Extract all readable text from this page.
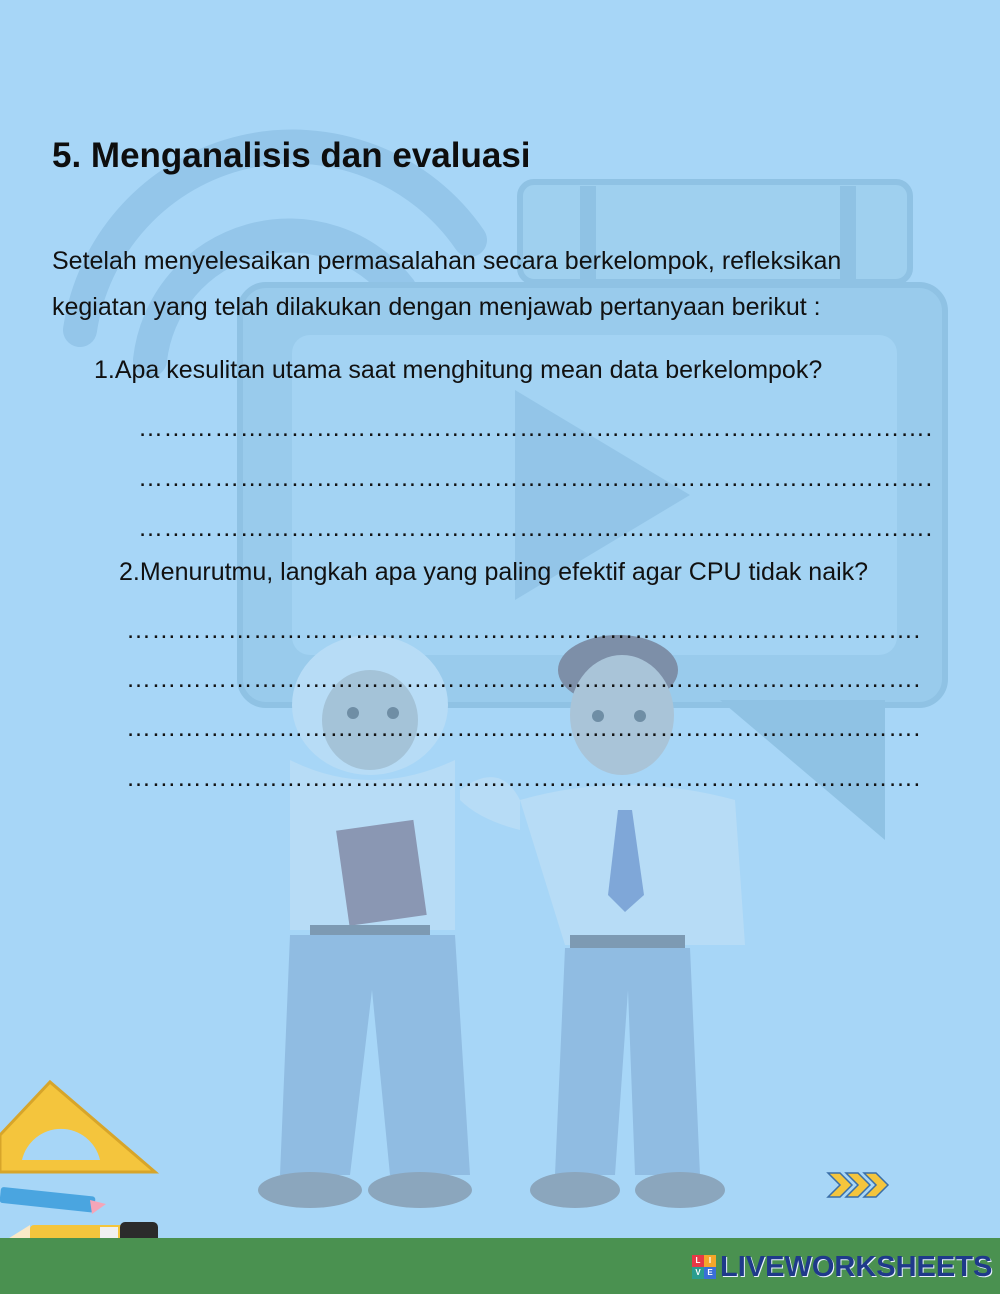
5. Menganalisis dan evaluasi

Setelah menyelesaikan permasalahan secara berkelompok, refleksikan
kegiatan yang telah dilakukan dengan menjawab pertanyaan berikut :

1.Apa kesulitan utama saat menghitung mean data berkelompok?
………………………………………………………………………………….
………………………………………………………………………………….
………………………………………………………………………………….
2.Menurutmu, langkah apa yang paling efektif agar CPU tidak naik?
………………………………………………………………………………….
………………………………………………………………………………….
………………………………………………………………………………….
………………………………………………………………………………….
L	I
V E LIVEWORKSHEETS
